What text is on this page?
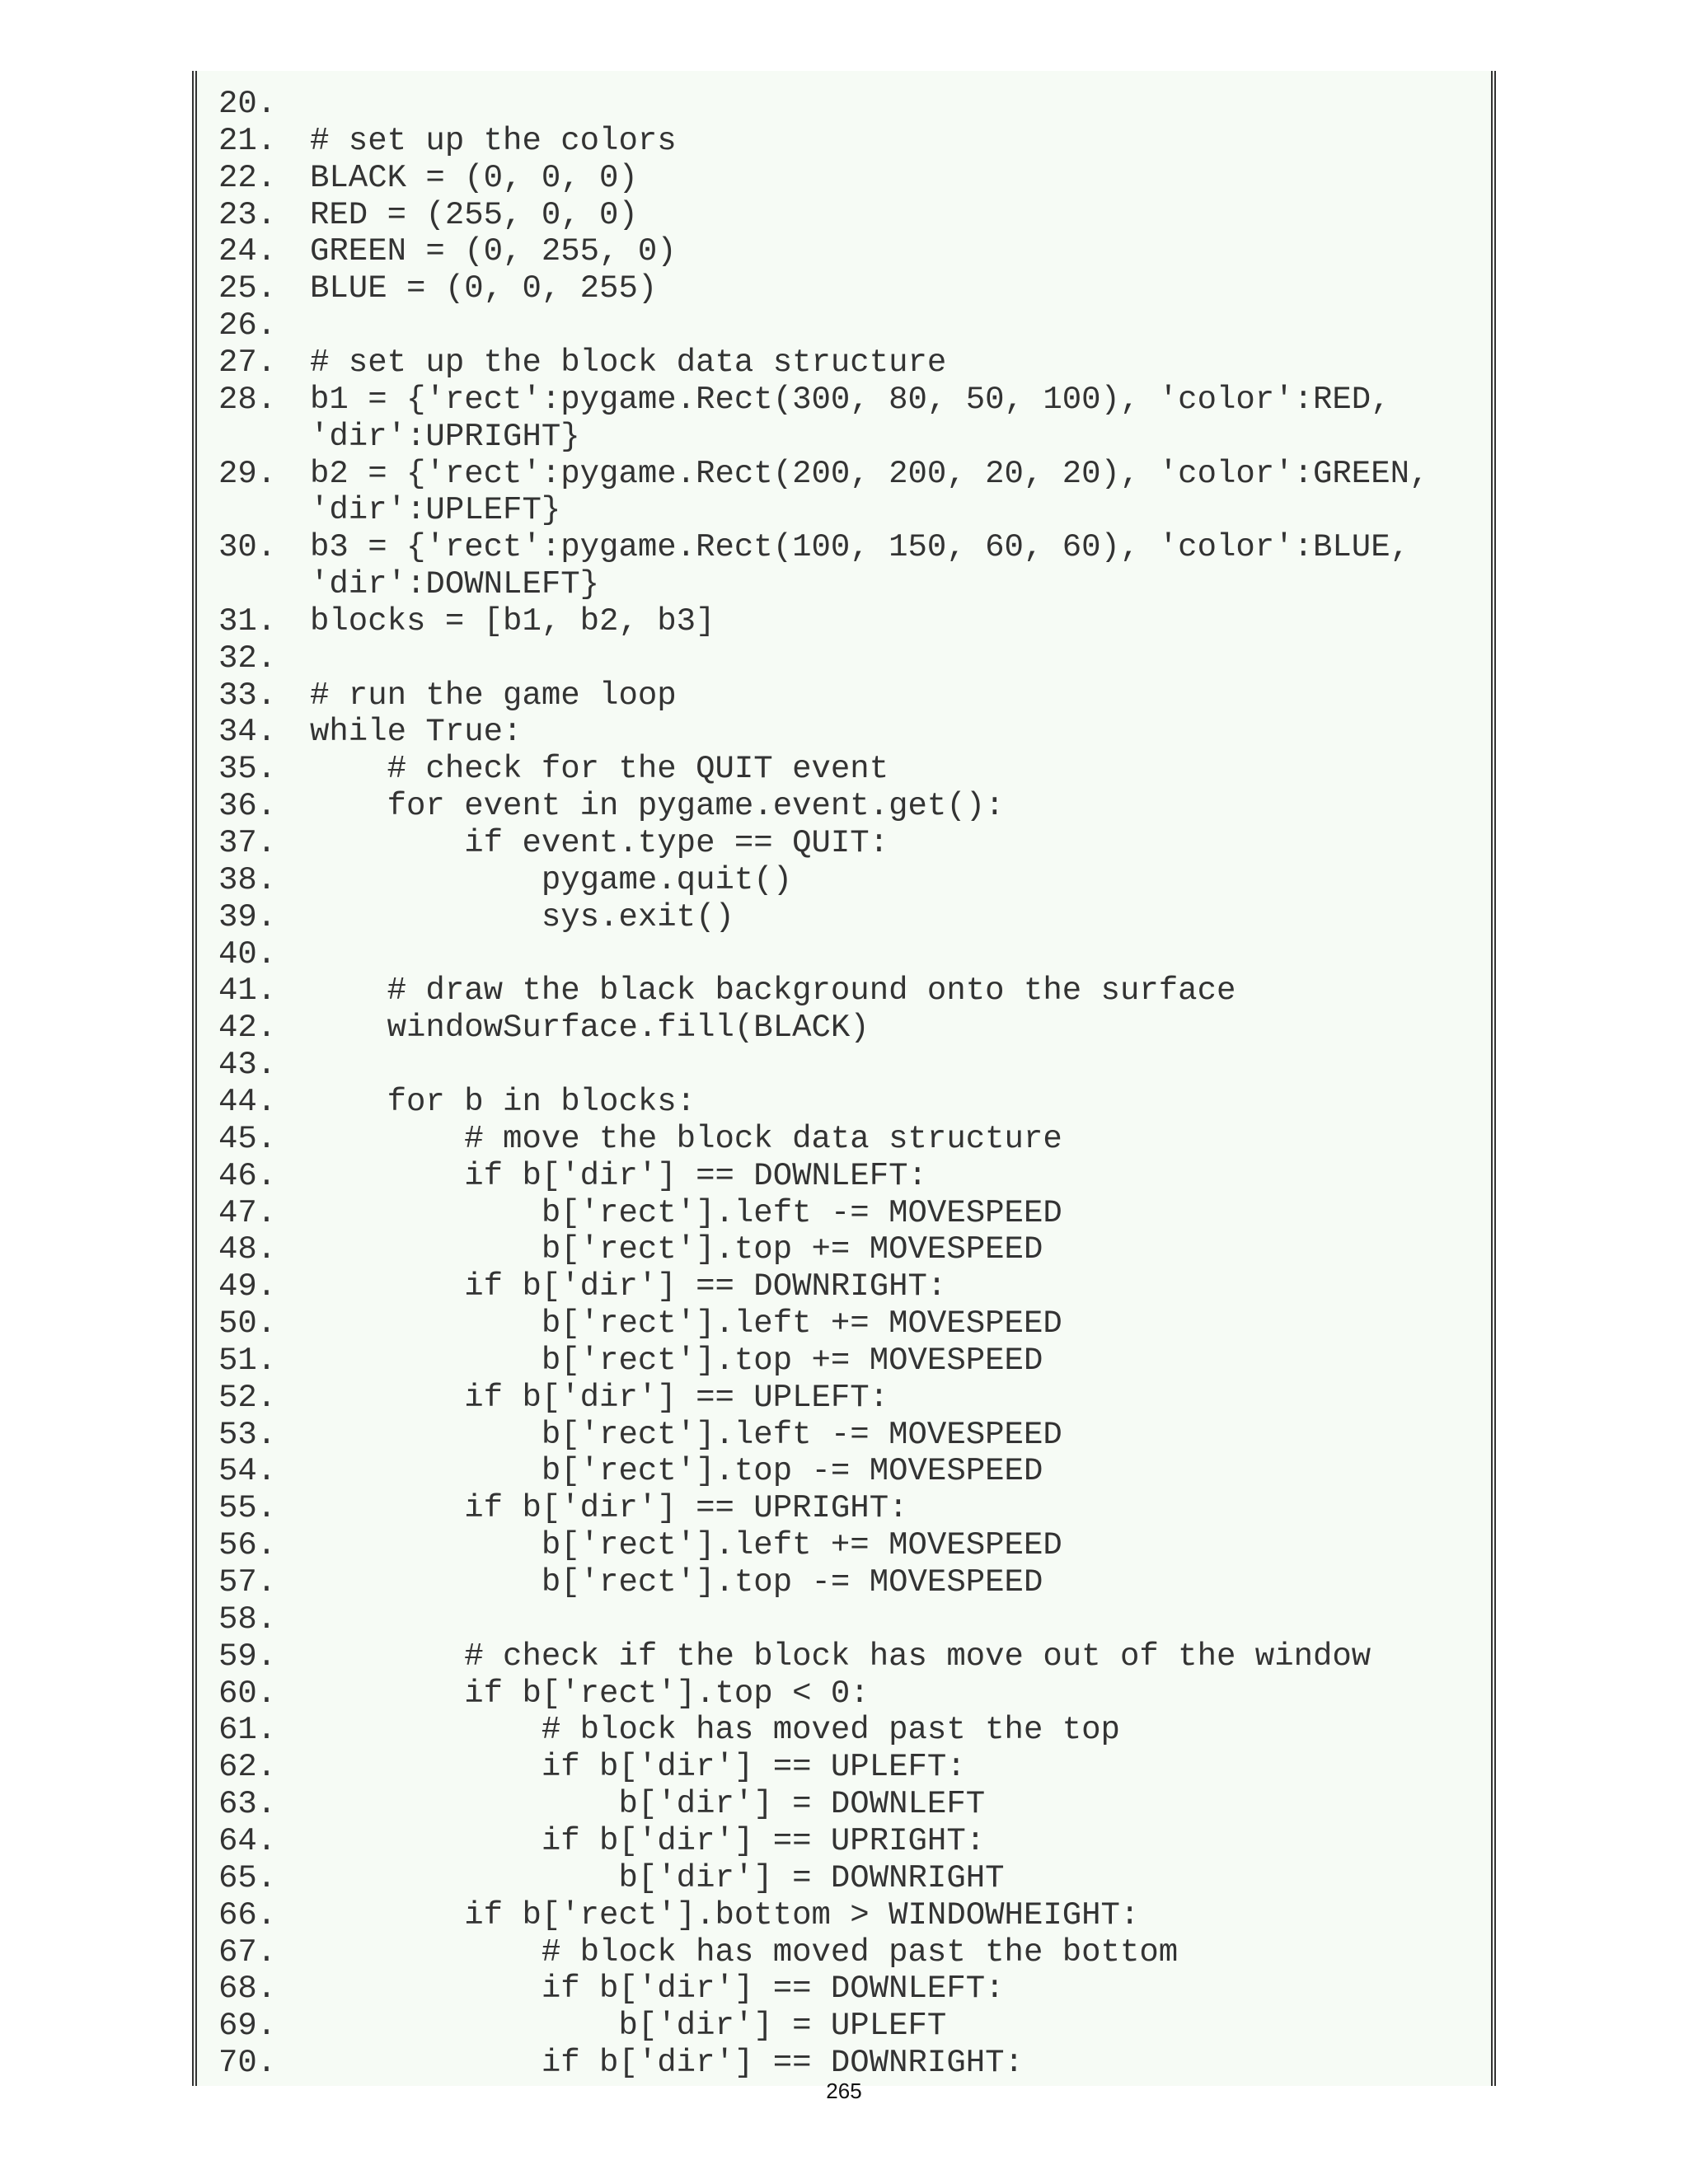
20.
21. # set up the colors
22. BLACK = (0, 0, 0)
23. RED = (255, 0, 0)
24. GREEN = (0, 255, 0)
25. BLUE = (0, 0, 255)
26.
27. # set up the block data structure
28. b1 = {'rect':pygame.Rect(300, 80, 50, 100), 'color':RED,
'dir':UPRIGHT}
29. b2 = {'rect':pygame.Rect(200, 200, 20, 20), 'color':GREEN,
'dir':UPLEFT}
30. b3 = {'rect':pygame.Rect(100, 150, 60, 60), 'color':BLUE,
'dir':DOWNLEFT}
31. blocks = [b1, b2, b3]
32.
33. # run the game loop
34. while True:
35.    # check for the QUIT event
36.    for event in pygame.event.get():
37.        if event.type == QUIT:
38.            pygame.quit()
39.            sys.exit()
40.
41.    # draw the black background onto the surface
42.    windowSurface.fill(BLACK)
43.
44.    for b in blocks:
45.        # move the block data structure
46.        if b['dir'] == DOWNLEFT:
47.            b['rect'].left -= MOVESPEED
48.            b['rect'].top += MOVESPEED
49.        if b['dir'] == DOWNRIGHT:
50.            b['rect'].left += MOVESPEED
51.            b['rect'].top += MOVESPEED
52.        if b['dir'] == UPLEFT:
53.            b['rect'].left -= MOVESPEED
54.            b['rect'].top -= MOVESPEED
55.        if b['dir'] == UPRIGHT:
56.            b['rect'].left += MOVESPEED
57.            b['rect'].top -= MOVESPEED
58.
59.        # check if the block has move out of the window
60.        if b['rect'].top < 0:
61.            # block has moved past the top
62.            if b['dir'] == UPLEFT:
63.                b['dir'] = DOWNLEFT
64.            if b['dir'] == UPRIGHT:
65.                b['dir'] = DOWNRIGHT
66.        if b['rect'].bottom > WINDOWHEIGHT:
67.            # block has moved past the bottom
68.            if b['dir'] == DOWNLEFT:
69.                b['dir'] = UPLEFT
70.            if b['dir'] == DOWNRIGHT:
265
